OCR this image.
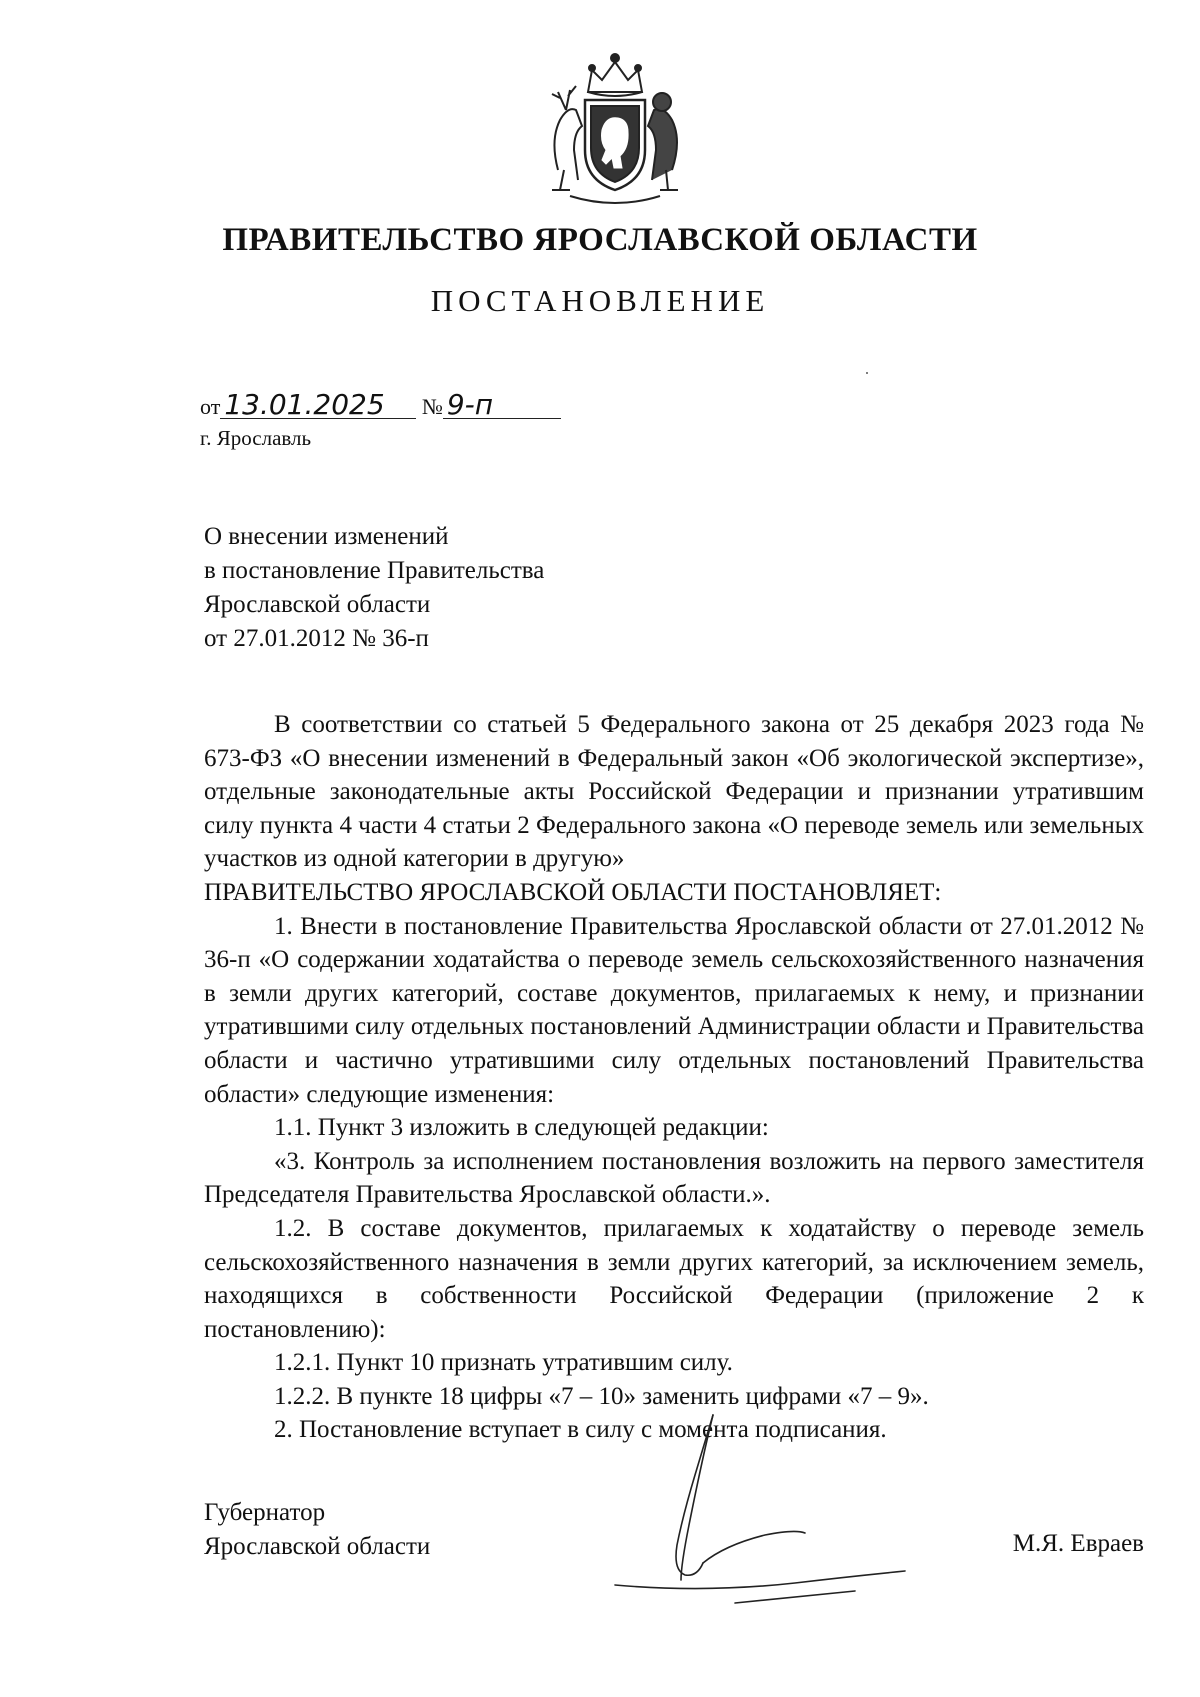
ПРАВИТЕЛЬСТВО ЯРОСЛАВСКОЙ ОБЛАСТИ
ПОСТАНОВЛЕНИЕ
от 13.01.2025 № 9-п
г. Ярославль
О внесении изменений
в постановление Правительства
Ярославской области
от 27.01.2012 № 36-п

В соответствии со статьей 5 Федерального закона от 25 декабря 2023 года № 673-ФЗ «О внесении изменений в Федеральный закон «Об экологической экспертизе», отдельные законодательные акты Российской Федерации и признании утратившим силу пункта 4 части 4 статьи 2 Федерального закона «О переводе земель или земельных участков из одной категории в другую»

ПРАВИТЕЛЬСТВО ЯРОСЛАВСКОЙ ОБЛАСТИ ПОСТАНОВЛЯЕТ:

1. Внести в постановление Правительства Ярославской области от 27.01.2012 № 36-п «О содержании ходатайства о переводе земель сельскохозяйственного назначения в земли других категорий, составе документов, прилагаемых к нему, и признании утратившими силу отдельных постановлений Администрации области и Правительства области и частично утратившими силу отдельных постановлений Правительства области» следующие изменения:

1.1. Пункт 3 изложить в следующей редакции:

«3. Контроль за исполнением постановления возложить на первого заместителя Председателя Правительства Ярославской области.».

1.2. В составе документов, прилагаемых к ходатайству о переводе земель сельскохозяйственного назначения в земли других категорий, за исключением земель, находящихся в собственности Российской Федерации (приложение 2 к постановлению):

1.2.1. Пункт 10 признать утратившим силу.

1.2.2. В пункте 18 цифры «7 – 10» заменить цифрами «7 – 9».

2. Постановление вступает в силу с момента подписания.

Губернатор
Ярославской области	М.Я. Евраев
